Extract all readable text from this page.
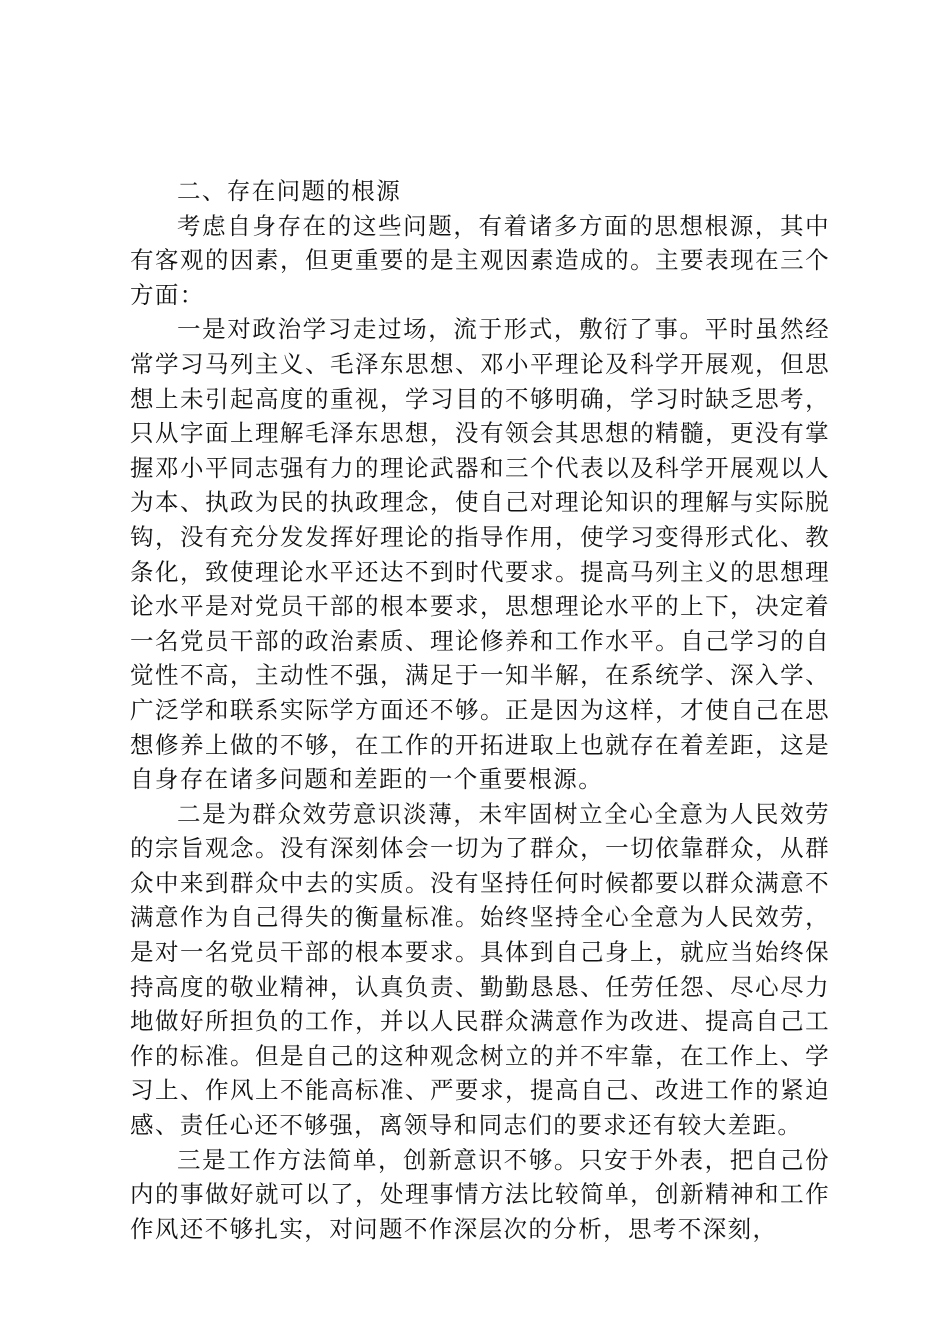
二、存在问题的根源

考虑自身存在的这些问题，有着诸多方面的思想根源，其中有客观的因素，但更重要的是主观因素造成的。主要表现在三个方面：

一是对政治学习走过场，流于形式，敷衍了事。平时虽然经常学习马列主义、毛泽东思想、邓小平理论及科学开展观，但思想上未引起高度的重视，学习目的不够明确，学习时缺乏思考，只从字面上理解毛泽东思想，没有领会其思想的精髓，更没有掌握邓小平同志强有力的理论武器和三个代表以及科学开展观以人为本、执政为民的执政理念，使自己对理论知识的理解与实际脱钩，没有充分发发挥好理论的指导作用，使学习变得形式化、教条化，致使理论水平还达不到时代要求。提高马列主义的思想理论水平是对党员干部的根本要求，思想理论水平的上下，决定着一名党员干部的政治素质、理论修养和工作水平。自己学习的自觉性不高，主动性不强，满足于一知半解，在系统学、深入学、广泛学和联系实际学方面还不够。正是因为这样，才使自己在思想修养上做的不够，在工作的开拓进取上也就存在着差距，这是自身存在诸多问题和差距的一个重要根源。

二是为群众效劳意识淡薄，未牢固树立全心全意为人民效劳的宗旨观念。没有深刻体会一切为了群众，一切依靠群众，从群众中来到群众中去的实质。没有坚持任何时候都要以群众满意不满意作为自己得失的衡量标准。始终坚持全心全意为人民效劳，是对一名党员干部的根本要求。具体到自己身上，就应当始终保持高度的敬业精神，认真负责、勤勤恳恳、任劳任怨、尽心尽力地做好所担负的工作，并以人民群众满意作为改进、提高自己工作的标准。但是自己的这种观念树立的并不牢靠，在工作上、学习上、作风上不能高标准、严要求，提高自己、改进工作的紧迫感、责任心还不够强，离领导和同志们的要求还有较大差距。

三是工作方法简单，创新意识不够。只安于外表，把自己份内的事做好就可以了，处理事情方法比较简单，创新精神和工作作风还不够扎实，对问题不作深层次的分析，思考不深刻，
